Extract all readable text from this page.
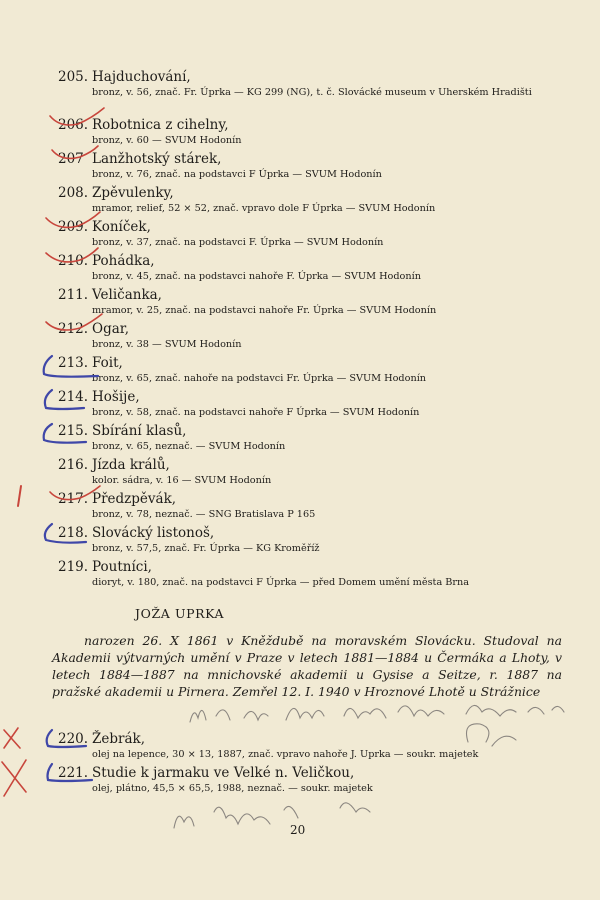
205. Hajduchování,
bronz, v. 56, znač. Fr. Úprka — KG 299 (NG), t. č. Slovácké museum v Uherském Hradišti
206. Robotnica z cihelny,
bronz, v. 60 — SVUM Hodonín
207 Lanžhotský stárek,
bronz, v. 76, znač. na podstavci F Úprka — SVUM Hodonín
208. Zpěvulenky,
mramor, relief, 52 × 52, znač. vpravo dole F Úprka — SVUM Hodonín
209. Koníček,
bronz, v. 37, znač. na podstavci F. Úprka — SVUM Hodonín
210. Pohádka,
bronz, v. 45, znač. na podstavci nahoře F. Úprka — SVUM Hodonín
211. Veličanka,
mramor, v. 25, znač. na podstavci nahoře Fr. Úprka — SVUM Hodonín
212. Ogar,
bronz, v. 38 — SVUM Hodonín
213. Foit,
bronz, v. 65, znač. nahoře na podstavci Fr. Úprka — SVUM Hodonín
214. Hošije,
bronz, v. 58, znač. na podstavci nahoře F Úprka — SVUM Hodonín
215. Sbírání klasů,
bronz, v. 65, neznač. — SVUM Hodonín
216. Jízda králů,
kolor. sádra, v. 16 — SVUM Hodonín
217. Předzpěvák,
bronz, v. 78, neznač. — SNG Bratislava P 165
218. Slovácký listonoš,
bronz, v. 57,5, znač. Fr. Úprka — KG Kroměříž
219. Poutníci,
dioryt, v. 180, znač. na podstavci F Úprka — před Domem umění města Brna
JOŽA UPRKA
narozen 26. X 1861 v Kněždubě na moravském Slovácku. Studoval na Akademii výtvarných umění v Praze v letech 1881—1884 u Čermáka a Lhoty, v letech 1884—1887 na mnichovské akademii u Gysise a Seitze, r. 1887 na pražské akademii u Pirnera. Zemřel 12. I. 1940 v Hroznové Lhotě u Strážnice
220. Žebrák,
olej na lepence, 30 × 13, 1887, znač. vpravo nahoře J. Uprka — soukr. majetek
221. Studie k jarmaku ve Velké n. Veličkou,
olej, plátno, 45,5 × 65,5, 1988, neznač. — soukr. majetek
20
